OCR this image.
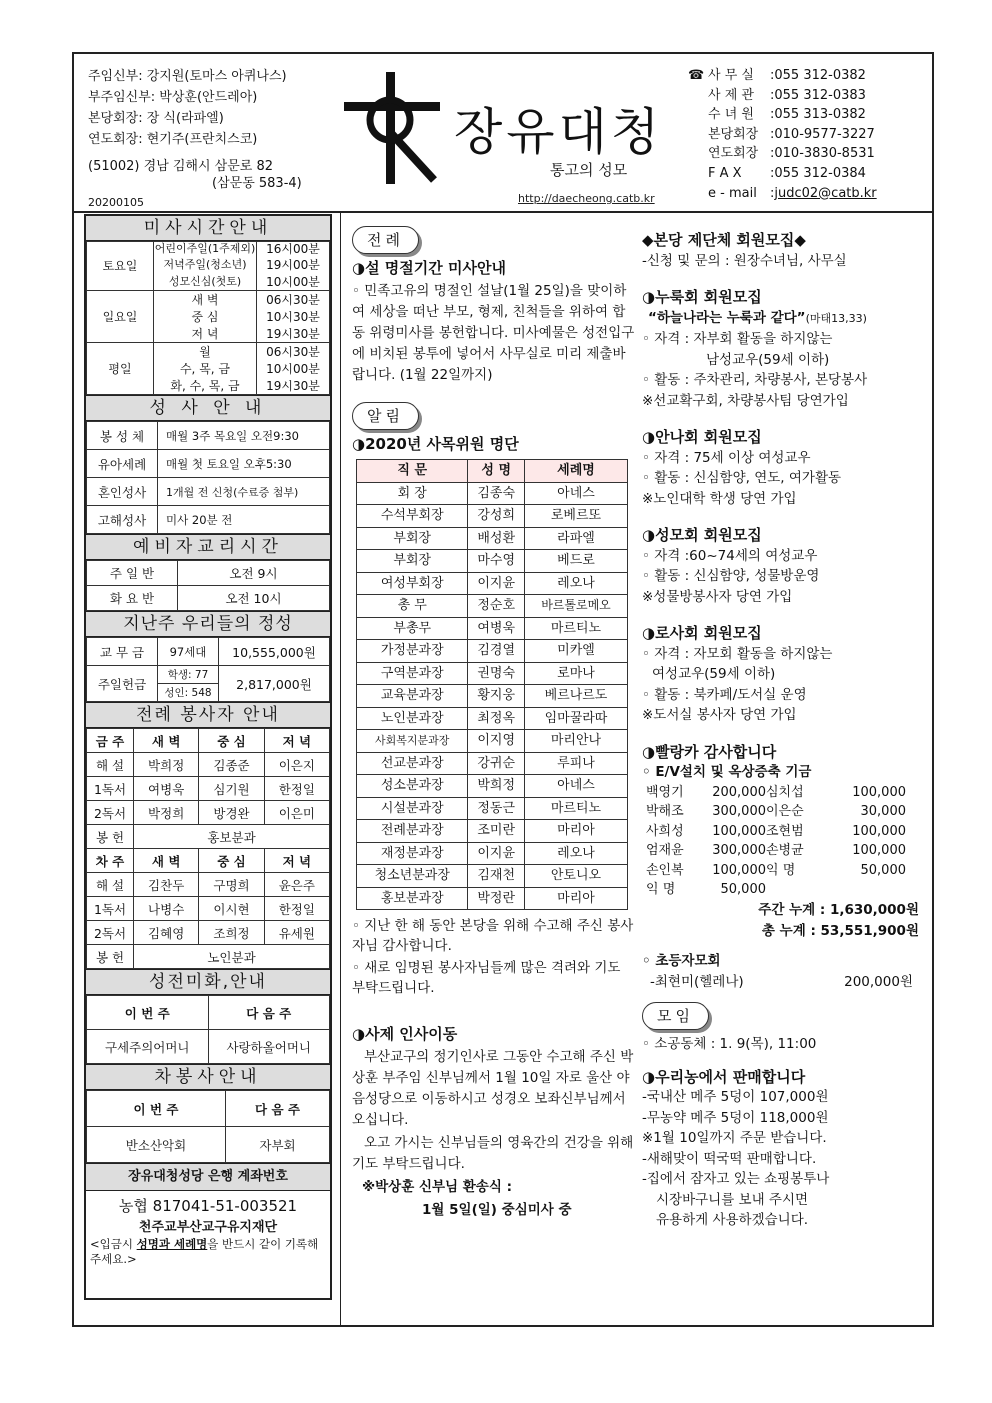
주임신부: 강지원(토마스 아퀴나스)
부주임신부: 박상훈(안드레아)
본당회장: 장 식(라파엘)
연도회장: 현기주(프란치스코)
(51002) 경남 김해시 삼문로 82
(삼문동 583-4)
20200105
장유대청
통고의 성모
http://daecheong.catb.kr
☎ 사 무 실	: 055 312-0382
사 제 관	: 055 312-0383
수 녀 원	: 055 313-0382
본당회장 : 010-9577-3227
연도회장 : 010-3830-8531
F A X	: 055 312-0384
e - mail	: judc02@catb.kr
미사시간안내
토요일	어린이주일(1주제외)	16시00분
	저녁주일(청소년)	19시00분
	성모신심(첫토)	10시00분
일요일	새 벽	06시30분
	중 심	10시30분
	저 녁	19시30분
평일	월	06시30분
	수, 목, 금	10시00분
	화, 수, 목, 금	19시30분
성 사 안 내
봉 성 체	매월 3주 목요일 오전9:30
유아세례	매월 첫 토요일 오후5:30
혼인성사	1개월 전 신청(수료증 첨부)
고해성사	미사 20분 전
예비자교리시간
주 일 반	오전 9시
화 요 반	오전 10시
지난주 우리들의 정성
교 무 금	97세대	10,555,000원
주일헌금	학생: 77	2,817,000원
	성인: 548	
전례 봉사자 안내
금 주	새 벽	중 심	저 녁
해 설	박희정	김종준	이은지
1독서	여병욱	심기원	한정일
2독서	박정희	방경완	이은미
봉 헌	홍보분과		
차 주	새 벽	중 심	저 녁
해 설	김찬두	구명희	윤은주
1독서	나병수	이시현	한정일
2독서	김혜영	조희정	유세원
봉 헌	노인분과		
성전미화,안내
이 번 주	다 음 주
구세주의어머니	사랑하올어머니
차봉사안내
이 번 주	다 음 주
반소산악회	자부회
장유대청성당 은행 계좌번호
농협 817041-51-003521
천주교부산교구유지재단
<입금시 성명과 세례명을 반드시 같이 기록해 주세요.>
전례
◑설 명절기간 미사안내
◦ 민족고유의 명절인 설날(1월 25일)을 맞이하여 세상을 떠난 부모, 형제, 친척들을 위하여 합동 위령미사를 봉헌합니다. 미사예물은 성전입구에 비치된 봉투에 넣어서 사무실로 미리 제출바랍니다. (1월 22일까지)
알림
◑2020년 사목위원 명단
직 문	성 명	세례명
회 장	김종숙	아네스
수석부회장	강성희	로베르또
부회장	배성환	라파엘
부회장	마수영	베드로
여성부회장	이지윤	레오나
총 무	정순호	바르톨로메오
부총무	여병욱	마르티노
가정분과장	김경열	미카엘
구역분과장	권명숙	로마나
교육분과장	황지웅	베르나르도
노인분과장	최정옥	임마꿀라따
사회복지분과장	이지영	마리안나
선교분과장	강귀순	루피나
성소분과장	박희정	아네스
시설분과장	정동근	마르티노
전례분과장	조미란	마리아
재정분과장	이지윤	레오나
청소년분과장	김재천	안토니오
홍보분과장	박정란	마리아
◦ 지난 한 해 동안 본당을 위해 수고해 주신 봉사자님 감사합니다.
◦ 새로 임명된 봉사자님들께 많은 격려와 기도 부탁드립니다.
◑사제 인사이동
부산교구의 정기인사로 그동안 수고해 주신 박상훈 부주임 신부님께서 1월 10일 자로 울산 야음성당으로 이동하시고 성경오 보좌신부님께서 오십니다.
오고 가시는 신부님들의 영육간의 건강을 위해 기도 부탁드립니다.
※박상훈 신부님 환송식 :
1월 5일(일) 중심미사 중
◆본당 제단체 회원모집◆
-신청 및 문의 : 원장수녀님, 사무실
◑누룩회 회원모집
“하늘나라는 누룩과 같다”(마태13,33)
◦ 자격 : 자부회 활동을 하지않는
남성교우(59세 이하)
◦ 활동 : 주차관리, 차량봉사, 본당봉사
※선교확구회, 차량봉사팀 당연가입
◑안나회 회원모집
◦ 자격 : 75세 이상 여성교우
◦ 활동 : 신심함양, 연도, 여가활동
※노인대학 학생 당연 가입
◑성모회 회원모집
◦ 자격 :60~74세의 여성교우
◦ 활동 : 신심함양, 성물방운영
※성물방봉사자 당연 가입
◑로사회 회원모집
◦ 자격 : 자모회 활동을 하지않는
여성교우(59세 이하)
◦ 활동 : 북카페/도서실 운영
※도서실 봉사자 당연 가입
◑빨랑카 감사합니다
◦ E/V설치 및 옥상증축 기금
백영기	200,000 심치섭	100,000
박해조	300,000 이은순	30,000
사희성	100,000 조현범	100,000
엄재윤	300,000 손병균	100,000
손인복	100,000 익 명	50,000
익 명	50,000
주간 누계 : 1,630,000원
총 누계 : 53,551,900원
◦ 초등자모회
-최현미(헬레나)	200,000원
모임
◦ 소공동체 : 1. 9(목), 11:00
◑우리농에서 판매합니다
-국내산 메주 5덩이 107,000원
-무농약 메주 5덩이 118,000원
※1월 10일까지 주문 받습니다.
-새해맞이 떡국떡 판매합니다.
-집에서 잠자고 있는 쇼핑봉투나
시장바구니를 보내 주시면
유용하게 사용하겠습니다.
